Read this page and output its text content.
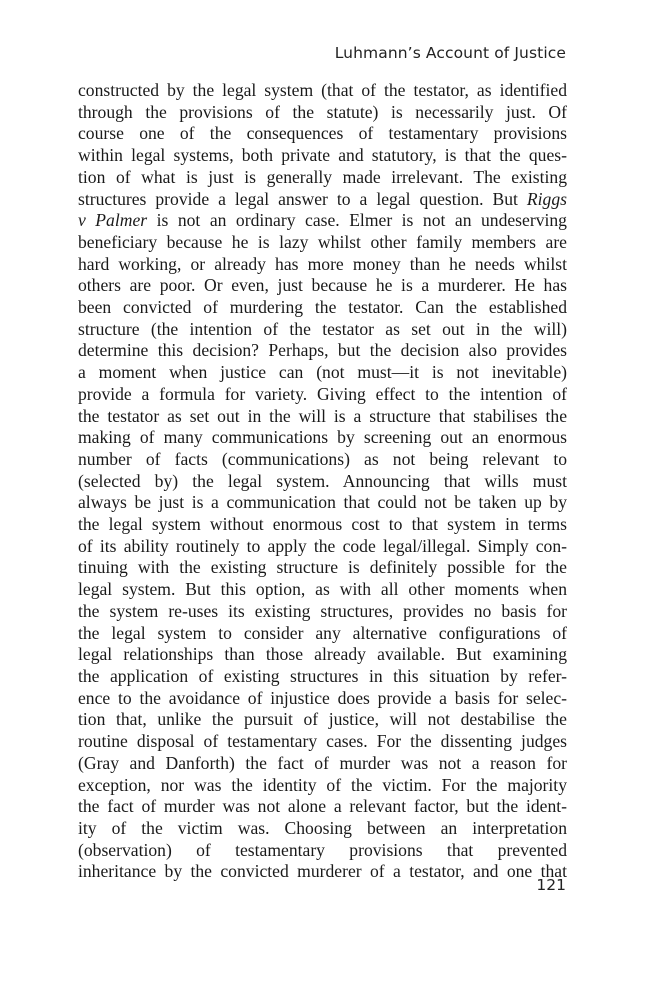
Luhmann’s Account of Justice
constructed by the legal system (that of the testator, as identified
through the provisions of the statute) is necessarily just. Of
course one of the consequences of testamentary provisions
within legal systems, both private and statutory, is that the ques-
tion of what is just is generally made irrelevant. The existing
structures provide a legal answer to a legal question. But Riggs
v Palmer is not an ordinary case. Elmer is not an undeserving
beneficiary because he is lazy whilst other family members are
hard working, or already has more money than he needs whilst
others are poor. Or even, just because he is a murderer. He has
been convicted of murdering the testator. Can the established
structure (the intention of the testator as set out in the will)
determine this decision? Perhaps, but the decision also provides
a moment when justice can (not must—it is not inevitable)
provide a formula for variety. Giving effect to the intention of
the testator as set out in the will is a structure that stabilises the
making of many communications by screening out an enormous
number of facts (communications) as not being relevant to
(selected by) the legal system. Announcing that wills must
always be just is a communication that could not be taken up by
the legal system without enormous cost to that system in terms
of its ability routinely to apply the code legal/illegal. Simply con-
tinuing with the existing structure is definitely possible for the
legal system. But this option, as with all other moments when
the system re-uses its existing structures, provides no basis for
the legal system to consider any alternative configurations of
legal relationships than those already available. But examining
the application of existing structures in this situation by refer-
ence to the avoidance of injustice does provide a basis for selec-
tion that, unlike the pursuit of justice, will not destabilise the
routine disposal of testamentary cases. For the dissenting judges
(Gray and Danforth) the fact of murder was not a reason for
exception, nor was the identity of the victim. For the majority
the fact of murder was not alone a relevant factor, but the ident-
ity of the victim was. Choosing between an interpretation
(observation) of testamentary provisions that prevented
inheritance by the convicted murderer of a testator, and one that
121
